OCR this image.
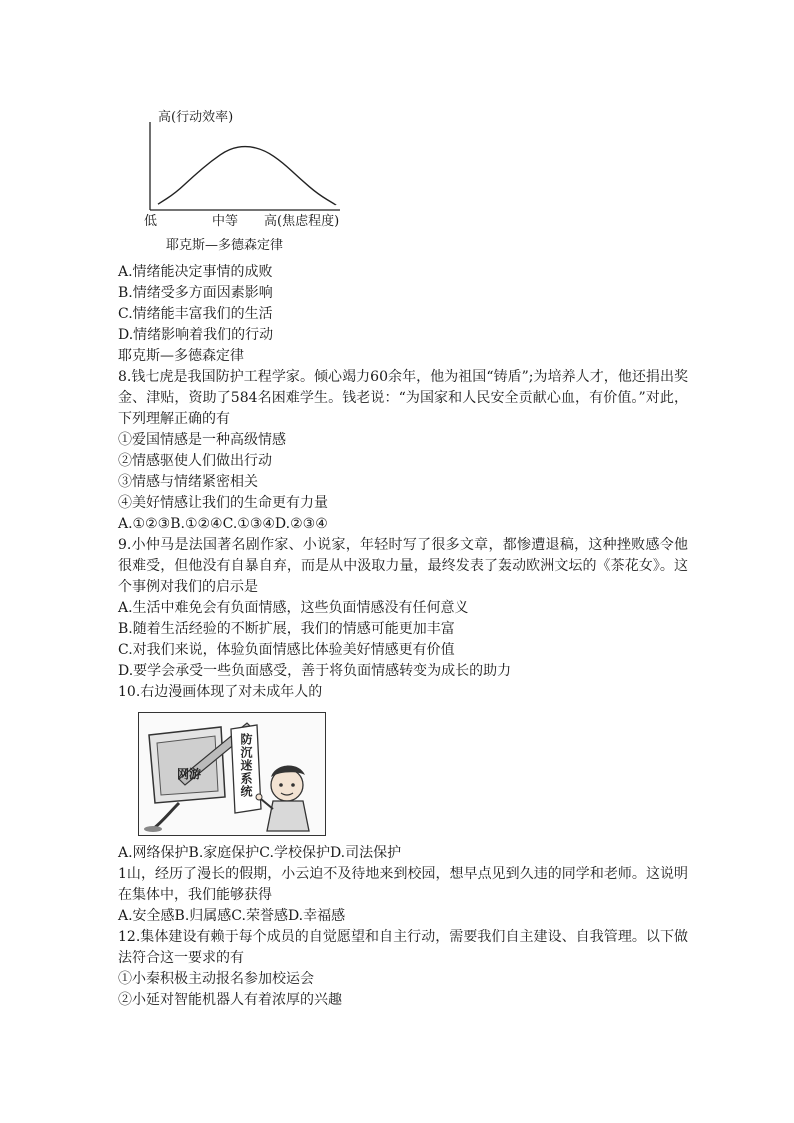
高(行动效率)
低	中等 高(焦虑程度)
耶克斯—多德森定律
A.情绪能决定事情的成败
B.情绪受多方面因素影响
C.情绪能丰富我们的生活
D.情绪影响着我们的行动
耶克斯—多德森定律
8.钱七虎是我国防护工程学家。倾心竭力60余年，他为祖国“铸盾”;为培养人才，他还捐出奖金、津贴，资助了584名困难学生。钱老说：“为国家和人民安全贡献心血，有价值。”对此，下列理解正确的有
①爱国情感是一种高级情感
②情感驱使人们做出行动
③情感与情绪紧密相关
④美好情感让我们的生命更有力量
A.①②③B.①②④C.①③④D.②③④
9.小仲马是法国著名剧作家、小说家，年轻时写了很多文章，都惨遭退稿，这种挫败感令他很难受，但他没有自暴自弃，而是从中汲取力量，最终发表了轰动欧洲文坛的《茶花女》。这个事例对我们的启示是
A.生活中难免会有负面情感，这些负面情感没有任何意义
B.随着生活经验的不断扩展，我们的情感可能更加丰富
C.对我们来说，体验负面情感比体验美好情感更有价值
D.要学会承受一些负面感受，善于将负面情感转变为成长的助力
10.右边漫画体现了对未成年人的
网游	防沉迷系统
A.网络保护B.家庭保护C.学校保护D.司法保护
1山，经历了漫长的假期，小云迫不及待地来到校园，想早点见到久违的同学和老师。这说明在集体中，我们能够获得
A.安全感B.归属感C.荣誉感D.幸福感
12.集体建设有赖于每个成员的自觉愿望和自主行动，需要我们自主建设、自我管理。以下做法符合这一要求的有
①小秦积极主动报名参加校运会
②小延对智能机器人有着浓厚的兴趣
